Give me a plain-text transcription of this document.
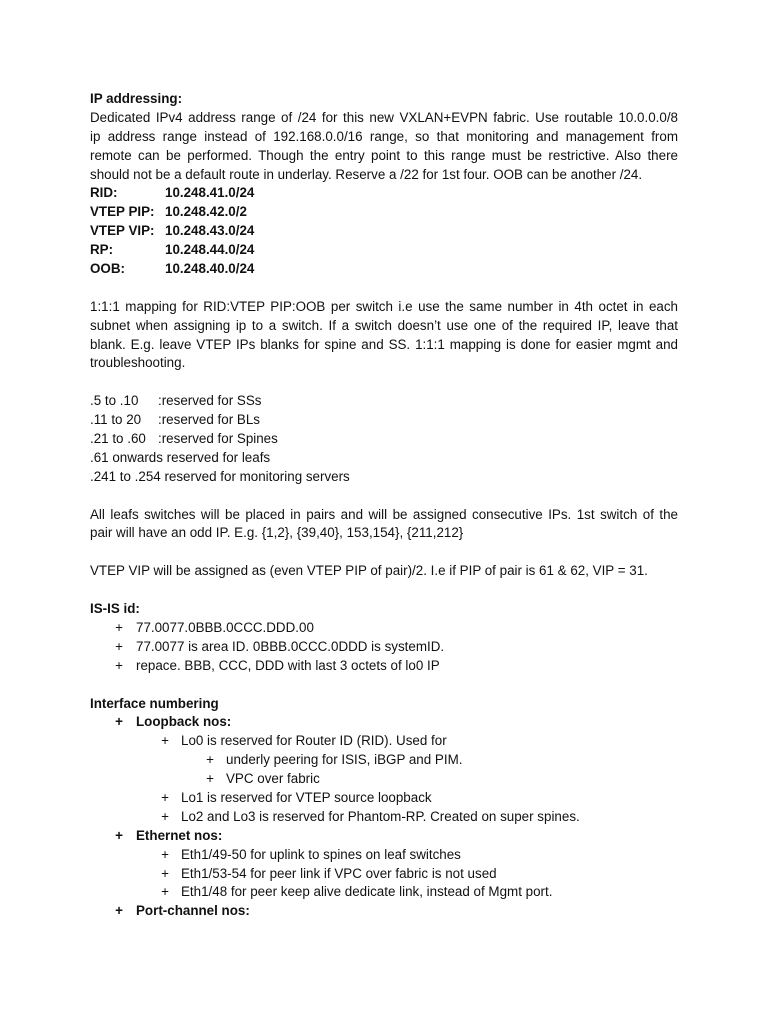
IP addressing:
Dedicated IPv4 address range of /24 for this new VXLAN+EVPN fabric. Use routable 10.0.0.0/8
ip address range instead of 192.168.0.0/16 range, so that monitoring and management from
remote can be performed. Though the entry point to this range must be restrictive. Also there
should not be a default route in underlay. Reserve a /22 for 1st four. OOB can be another /24.
RID:	10.248.41.0/24
VTEP PIP: 10.248.42.0/2
VTEP VIP: 10.248.43.0/24
RP:	10.248.44.0/24
OOB:	10.248.40.0/24
1:1:1 mapping for RID:VTEP PIP:OOB per switch i.e use the same number in 4th octet in each
subnet when assigning ip to a switch. If a switch doesn’t use one of the required IP, leave that
blank. E.g. leave VTEP IPs blanks for spine and SS. 1:1:1 mapping is done for easier mgmt and
troubleshooting.
.5 to .10 :reserved for SSs
.11 to 20 :reserved for BLs
.21 to .60 :reserved for Spines
.61 onwards reserved for leafs
.241 to .254 reserved for monitoring servers
All leafs switches will be placed in pairs and will be assigned consecutive IPs. 1st switch of the
pair will have an odd IP. E.g. {1,2}, {39,40}, 153,154}, {211,212}
VTEP VIP will be assigned as (even VTEP PIP of pair)/2. I.e if PIP of pair is 61 & 62, VIP = 31.
IS-IS id:
+ 77.0077.0BBB.0CCC.DDD.00
+ 77.0077 is area ID. 0BBB.0CCC.0DDD is systemID.
+ repace. BBB, CCC, DDD with last 3 octets of lo0 IP
Interface numbering
+ Loopback nos:
+ Lo0 is reserved for Router ID (RID). Used for
+ underly peering for ISIS, iBGP and PIM.
+ VPC over fabric
+ Lo1 is reserved for VTEP source loopback
+ Lo2 and Lo3 is reserved for Phantom-RP. Created on super spines.
+ Ethernet nos:
+ Eth1/49-50 for uplink to spines on leaf switches
+ Eth1/53-54 for peer link if VPC over fabric is not used
+ Eth1/48 for peer keep alive dedicate link, instead of Mgmt port.
+ Port-channel nos:
